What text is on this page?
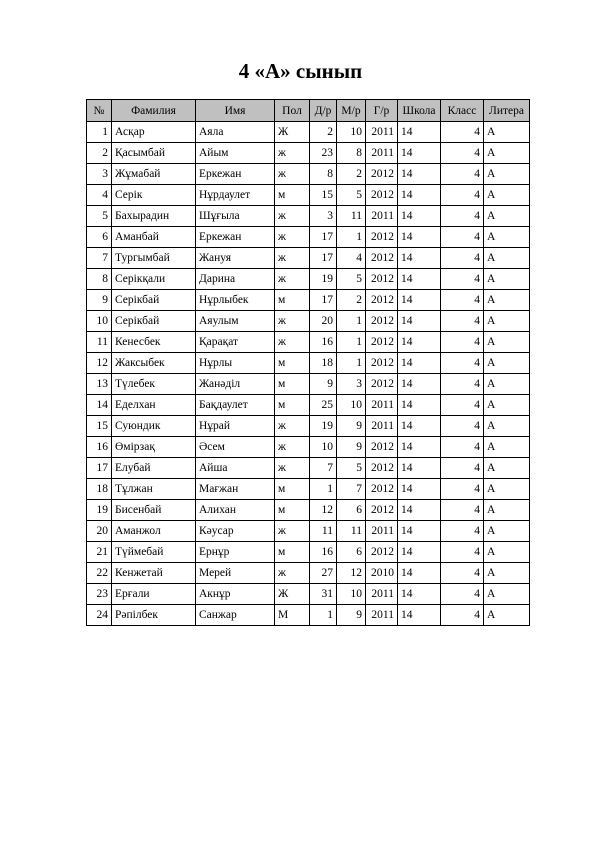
4 «А» сынып
№	Фамилия	Имя	Пол	Д/р	М/р	Г/р	Школа	Класс	Литера
1	Асқар	Аяла	Ж	2	10	2011	14	4	А
2	Қасымбай	Айым	ж	23	8	2011	14	4	А
3	Жұмабай	Еркежан	ж	8	2	2012	14	4	А
4	Серік	Нұрдаулет	м	15	5	2012	14	4	А
5	Бахырадин	Шұғыла	ж	3	11	2011	14	4	А
6	Аманбай	Еркежан	ж	17	1	2012	14	4	А
7	Тургымбай	Жануя	ж	17	4	2012	14	4	А
8	Серікқали	Дарина	ж	19	5	2012	14	4	А
9	Серікбай	Нұрлыбек	м	17	2	2012	14	4	А
10	Серікбай	Аяулым	ж	20	1	2012	14	4	А
11	Кенесбек	Қарақат	ж	16	1	2012	14	4	А
12	Жаксыбек	Нұрлы	м	18	1	2012	14	4	А
13	Түлебек	Жанәділ	м	9	3	2012	14	4	А
14	Еделхан	Бақдаулет	м	25	10	2011	14	4	А
15	Суюндик	Нұрай	ж	19	9	2011	14	4	А
16	Өмірзақ	Әсем	ж	10	9	2012	14	4	А
17	Елубай	Айша	ж	7	5	2012	14	4	А
18	Тұлжан	Мағжан	м	1	7	2012	14	4	А
19	Бисенбай	Алихан	м	12	6	2012	14	4	А
20	Аманжол	Кәусар	ж	11	11	2011	14	4	А
21	Түймебай	Ернұр	м	16	6	2012	14	4	А
22	Кенжетай	Мерей	ж	27	12	2010	14	4	А
23	Ерғали	Акнұр	Ж	31	10	2011	14	4	А
24	Рәпілбек	Санжар	М	1	9	2011	14	4	А
